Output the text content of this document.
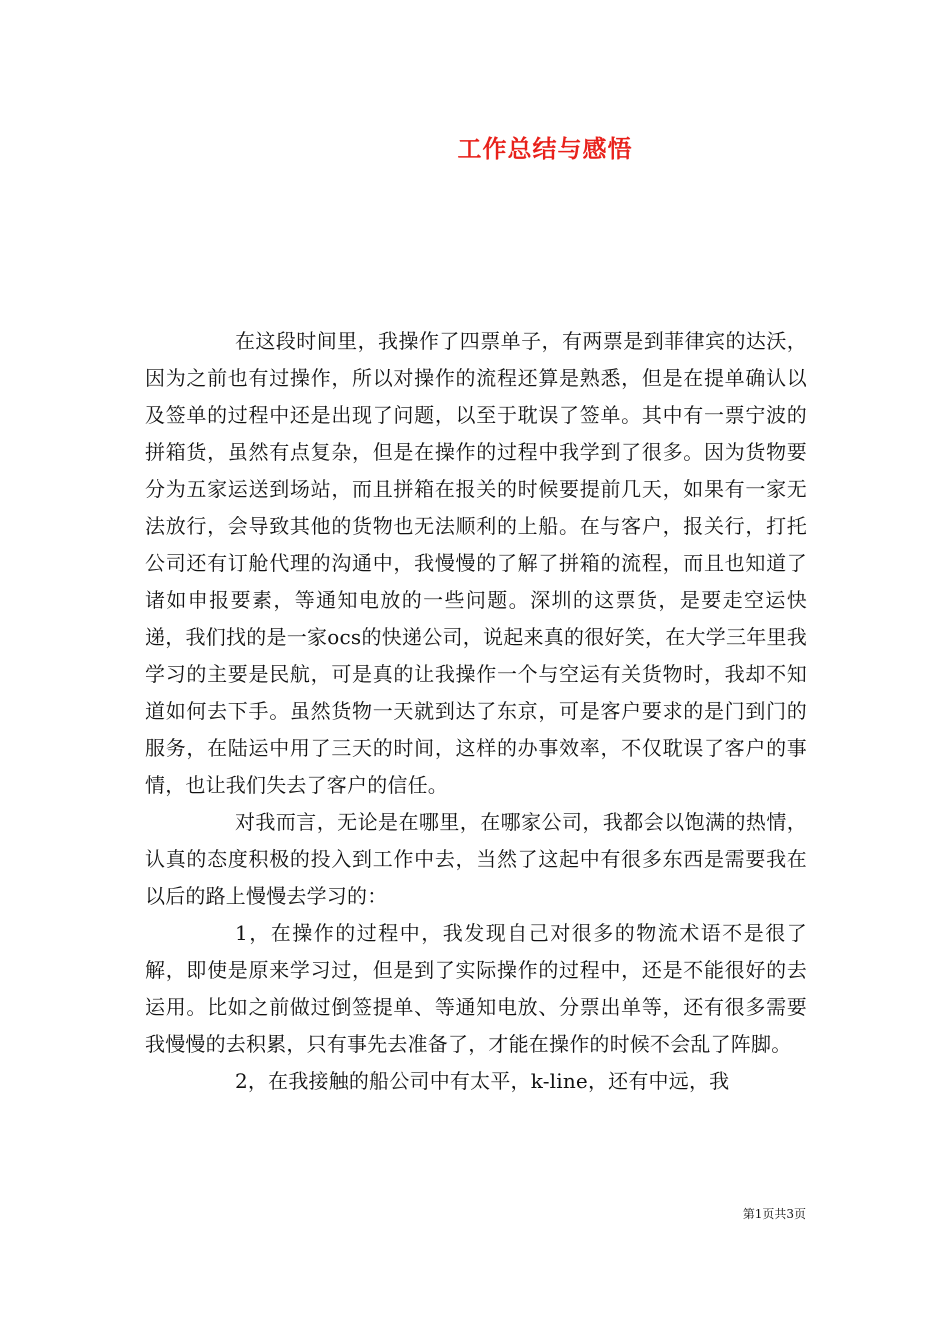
工作总结与感悟

在这段时间里，我操作了四票单子，有两票是到菲律宾的达沃，因为之前也有过操作，所以对操作的流程还算是熟悉，但是在提单确认以及签单的过程中还是出现了问题，以至于耽误了签单。其中有一票宁波的拼箱货，虽然有点复杂，但是在操作的过程中我学到了很多。因为货物要分为五家运送到场站，而且拼箱在报关的时候要提前几天，如果有一家无法放行，会导致其他的货物也无法顺利的上船。在与客户，报关行，打托公司还有订舱代理的沟通中，我慢慢的了解了拼箱的流程，而且也知道了诸如申报要素，等通知电放的一些问题。深圳的这票货，是要走空运快递，我们找的是一家ocs的快递公司，说起来真的很好笑，在大学三年里我学习的主要是民航，可是真的让我操作一个与空运有关货物时，我却不知道如何去下手。虽然货物一天就到达了东京，可是客户要求的是门到门的服务，在陆运中用了三天的时间，这样的办事效率，不仅耽误了客户的事情，也让我们失去了客户的信任。

对我而言，无论是在哪里，在哪家公司，我都会以饱满的热情，认真的态度积极的投入到工作中去，当然了这起中有很多东西是需要我在以后的路上慢慢去学习的：

1，在操作的过程中，我发现自己对很多的物流术语不是很了解，即使是原来学习过，但是到了实际操作的过程中，还是不能很好的去运用。比如之前做过倒签提单、等通知电放、分票出单等，还有很多需要我慢慢的去积累，只有事先去准备了，才能在操作的时候不会乱了阵脚。

2，在我接触的船公司中有太平，k-line，还有中远，我

第1页共3页
